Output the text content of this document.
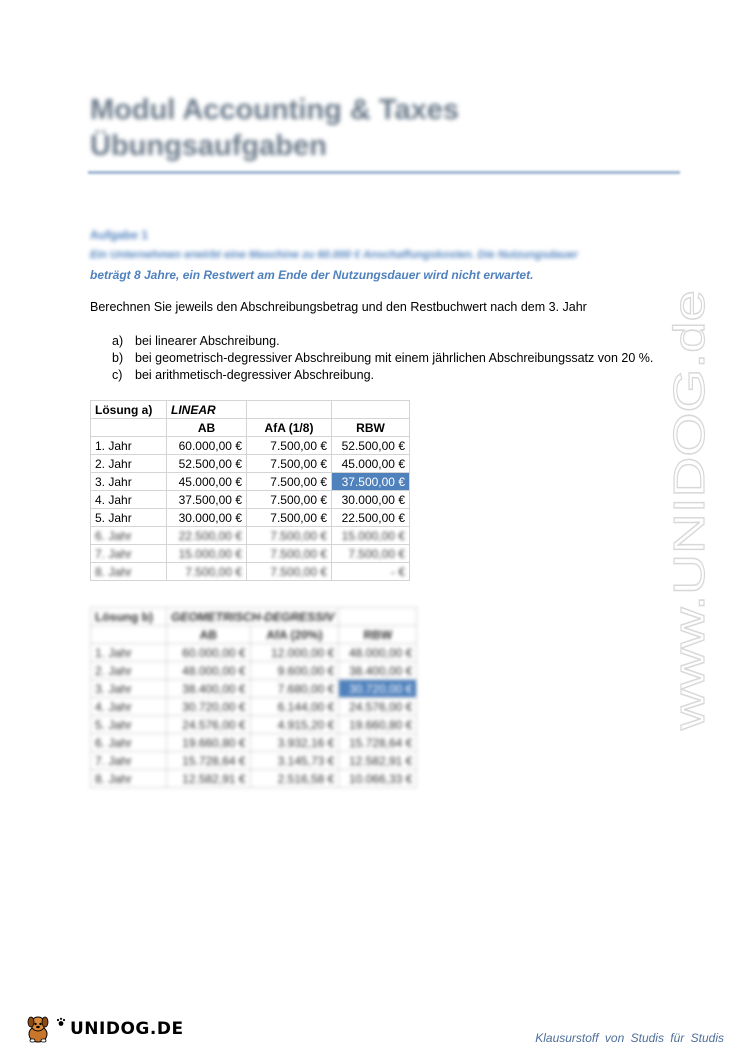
Modul Accounting & Taxes
Übungsaufgaben
Aufgabe 1
Ein Unternehmen erwirbt eine Maschine zu 60.000 € Anschaffungskosten. Die Nutzungsdauer
beträgt 8 Jahre, ein Restwert am Ende der Nutzungsdauer wird nicht erwartet.
Berechnen Sie jeweils den Abschreibungsbetrag und den Restbuchwert nach dem 3. Jahr
a) bei linearer Abschreibung.
b) bei geometrisch-degressiver Abschreibung mit einem jährlichen Abschreibungssatz von 20 %.
c)	bei arithmetisch-degressiver Abschreibung.
Lösung a)	LINEAR		
	AB	AfA (1/8)	RBW
1. Jahr	60.000,00 €	7.500,00 €	52.500,00 €
2. Jahr	52.500,00 €	7.500,00 €	45.000,00 €
3. Jahr	45.000,00 €	7.500,00 €	37.500,00 €
4. Jahr	37.500,00 €	7.500,00 €	30.000,00 €
5. Jahr	30.000,00 €	7.500,00 €	22.500,00 €
6. Jahr	22.500,00 €	7.500,00 €	15.000,00 €
7. Jahr	15.000,00 €	7.500,00 €	7.500,00 €
8. Jahr	7.500,00 €	7.500,00 €	- €
Lösung b)	GEOMETRISCH-DEGRESSIV		
	AB	AfA (20%)	RBW
1. Jahr	60.000,00 €	12.000,00 €	48.000,00 €
2. Jahr	48.000,00 €	9.600,00 €	38.400,00 €
3. Jahr	38.400,00 €	7.680,00 €	30.720,00 €
4. Jahr	30.720,00 €	6.144,00 €	24.576,00 €
5. Jahr	24.576,00 €	4.915,20 €	19.660,80 €
6. Jahr	19.660,80 €	3.932,16 €	15.728,64 €
7. Jahr	15.728,64 €	3.145,73 €	12.582,91 €
8. Jahr	12.582,91 €	2.516,58 €	10.066,33 €
www.UNIDOG.de
UNIDOG.DE	Klausurstoff von Studis für Studis
